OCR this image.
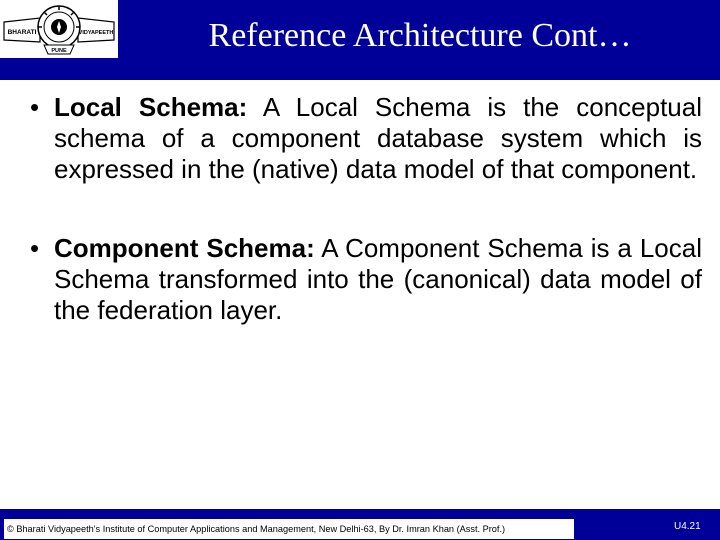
BHARATI	VIDYAPEETH
PUNE	Reference Architecture Cont…
• Local Schema: A Local Schema is the conceptual schema of a component database system which is expressed in the (native) data model of that component.
• Component Schema: A Component Schema is a Local Schema transformed into the (canonical) data model of the federation layer.
© Bharati Vidyapeeth's Institute of Computer Applications and Management, New Delhi-63, By Dr. Imran Khan (Asst. Prof.)	U4.21
